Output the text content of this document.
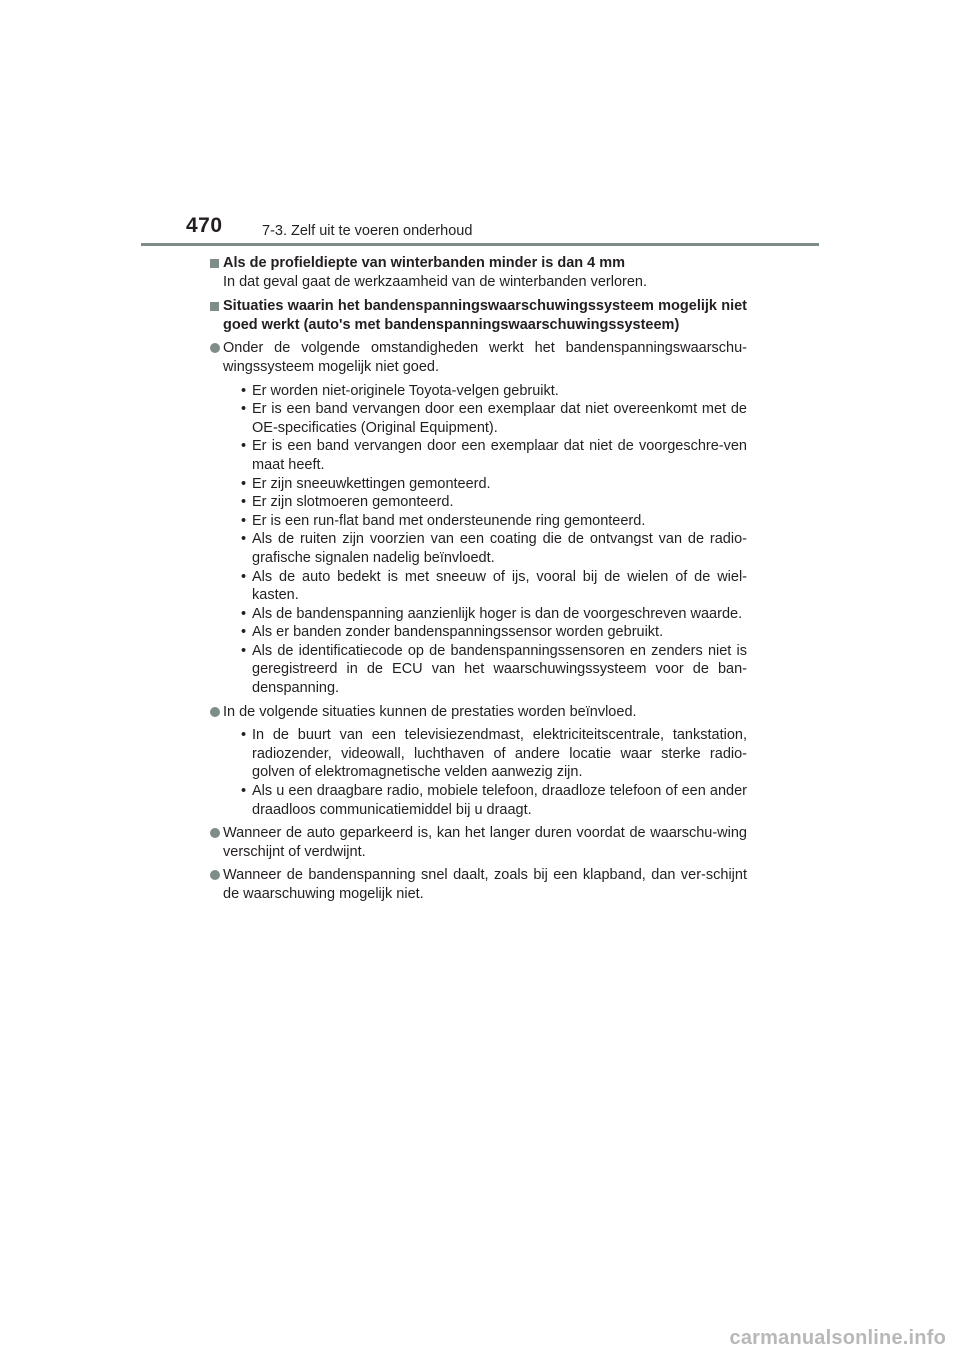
470	7-3. Zelf uit te voeren onderhoud
Als de profieldiepte van winterbanden minder is dan 4 mm
In dat geval gaat de werkzaamheid van de winterbanden verloren.
Situaties waarin het bandenspanningswaarschuwingssysteem mogelijk niet goed werkt (auto's met bandenspanningswaarschuwingssysteem)
Onder de volgende omstandigheden werkt het bandenspanningswaarschu-wingssysteem mogelijk niet goed.
• Er worden niet-originele Toyota-velgen gebruikt.
• Er is een band vervangen door een exemplaar dat niet overeenkomt met de OE-specificaties (Original Equipment).
• Er is een band vervangen door een exemplaar dat niet de voorgeschre-ven maat heeft.
• Er zijn sneeuwkettingen gemonteerd.
• Er zijn slotmoeren gemonteerd.
• Er is een run-flat band met ondersteunende ring gemonteerd.
• Als de ruiten zijn voorzien van een coating die de ontvangst van de radio-grafische signalen nadelig beïnvloedt.
• Als de auto bedekt is met sneeuw of ijs, vooral bij de wielen of de wiel-kasten.
• Als de bandenspanning aanzienlijk hoger is dan de voorgeschreven waarde.
• Als er banden zonder bandenspanningssensor worden gebruikt.
• Als de identificatiecode op de bandenspanningssensoren en zenders niet is geregistreerd in de ECU van het waarschuwingssysteem voor de ban-denspanning.
In de volgende situaties kunnen de prestaties worden beïnvloed.
• In de buurt van een televisiezendmast, elektriciteitscentrale, tankstation, radiozender, videowall, luchthaven of andere locatie waar sterke radio-golven of elektromagnetische velden aanwezig zijn.
• Als u een draagbare radio, mobiele telefoon, draadloze telefoon of een ander draadloos communicatiemiddel bij u draagt.
Wanneer de auto geparkeerd is, kan het langer duren voordat de waarschu-wing verschijnt of verdwijnt.
Wanneer de bandenspanning snel daalt, zoals bij een klapband, dan ver-schijnt de waarschuwing mogelijk niet.
carmanualsonline.info
